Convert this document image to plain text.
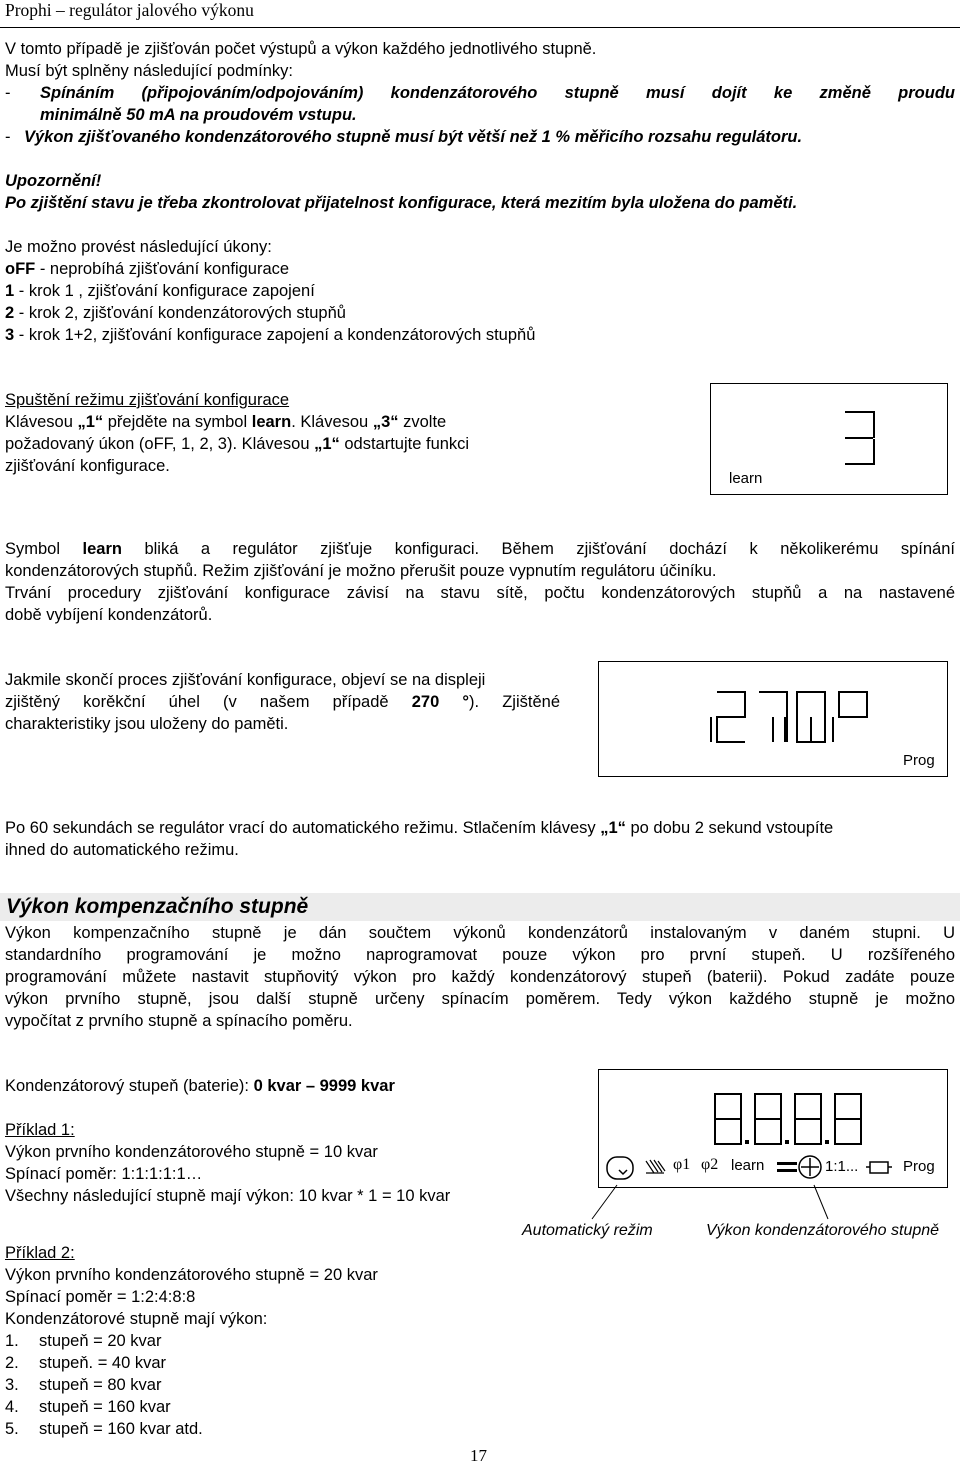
Prophi – regulátor jalového výkonu
V tomto případě je zjišťován počet výstupů a výkon každého jednotlivého stupně.
Musí být splněny následující podmínky:
- Spínáním (připojováním/odpojováním) kondenzátorového stupně musí dojít ke změně proudu
minimálně 50 mA na proudovém vstupu.
- Výkon zjišťovaného kondenzátorového stupně musí být větší než 1 % měřicího rozsahu regulátoru.
Upozornění!
Po zjištění stavu je třeba zkontrolovat přijatelnost konfigurace, která mezitím byla uložena do paměti.
Je možno provést následující úkony:
oFF - neprobíhá zjišťování konfigurace
1 - krok 1 , zjišťování konfigurace zapojení
2 - krok 2, zjišťování kondenzátorových stupňů
3 - krok 1+2, zjišťování konfigurace zapojení a kondenzátorových stupňů
Spuštění režimu zjišťování konfigurace
Klávesou „1“ přejděte na symbol learn. Klávesou „3“ zvolte
požadovaný úkon (oFF, 1, 2, 3). Klávesou „1“ odstartujte funkci
zjišťování konfigurace.
learn
Symbol learn bliká a regulátor zjišťuje konfiguraci. Během zjišťování dochází k několikerému spínání
kondenzátorových stupňů. Režim zjišťování je možno přerušit pouze vypnutím regulátoru účiníku.
Trvání procedury zjišťování konfigurace závisí na stavu sítě, počtu kondenzátorových stupňů a na nastavené
době vybíjení kondenzátorů.
Jakmile skončí proces zjišťování konfigurace, objeví se na displeji
zjištěný korěkční úhel (v našem případě 270 °). Zjištěné
charakteristiky jsou uloženy do paměti.
Prog
Po 60 sekundách se regulátor vrací do automatického režimu. Stlačením klávesy „1“ po dobu 2 sekund vstoupíte
ihned do automatického režimu.
Výkon kompenzačního stupně
Výkon kompenzačního stupně je dán součtem výkonů kondenzátorů instalovaným v daném stupni. U
standardního programování je možno naprogramovat pouze výkon pro první stupeň. U rozšířeného
programování můžete nastavit stupňovitý výkon pro každý kondenzátorový stupeň (baterii). Pokud zadáte pouze
výkon prvního stupně, jsou další stupně určeny spínacím poměrem. Tedy výkon každého stupně je možno
vypočítat z prvního stupně a spínacího poměru.
Kondenzátorový stupeň (baterie): 0 kvar – 9999 kvar
Příklad 1:
Výkon prvního kondenzátorového stupně = 10 kvar
Spínací poměr: 1:1:1:1:1…
Všechny následující stupně mají výkon: 10 kvar * 1 = 10 kvar
φ1 φ2 learn	1:1...	Prog
Automatický režim	Výkon kondenzátorového stupně
Příklad 2:
Výkon prvního kondenzátorového stupně = 20 kvar
Spínací poměr = 1:2:4:8:8
Kondenzátorové stupně mají výkon:
1. stupeň = 20 kvar
2. stupeň. = 40 kvar
3. stupeň = 80 kvar
4. stupeň = 160 kvar
5. stupeň = 160 kvar atd.
17
